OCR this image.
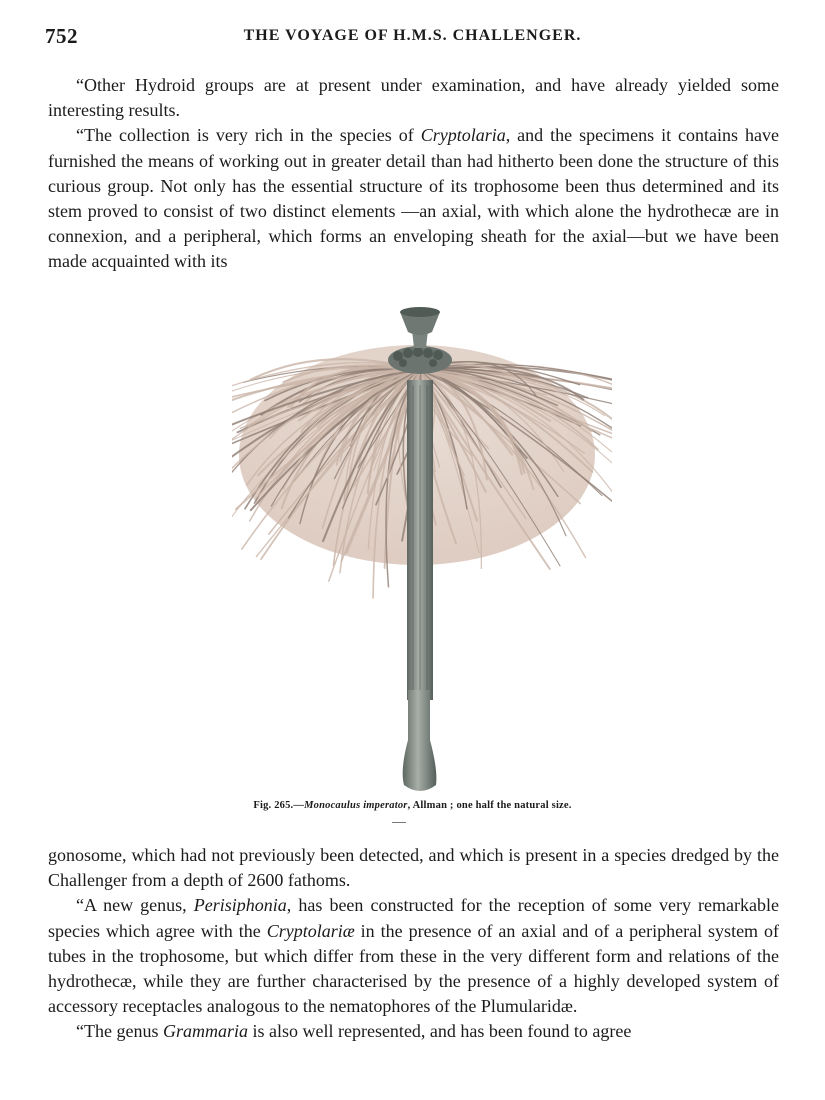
752	THE VOYAGE OF H.M.S. CHALLENGER.

“Other Hydroid groups are at present under examination, and have already yielded some interesting results.

“The collection is very rich in the species of Cryptolaria, and the specimens it contains have furnished the means of working out in greater detail than had hitherto been done the structure of this curious group. Not only has the essential structure of its trophosome been thus determined and its stem proved to consist of two distinct elements —an axial, with which alone the hydrothecæ are in connexion, and a peripheral, which forms an enveloping sheath for the axial—but we have been made acquainted with its

Fig. 265.—Monocaulus imperator, Allman ; one half the natural size.

gonosome, which had not previously been detected, and which is present in a species dredged by the Challenger from a depth of 2600 fathoms.

“A new genus, Perisiphonia, has been constructed for the reception of some very remarkable species which agree with the Cryptolariæ in the presence of an axial and of a peripheral system of tubes in the trophosome, but which differ from these in the very different form and relations of the hydrothecæ, while they are further characterised by the presence of a highly developed system of accessory receptacles analogous to the nematophores of the Plumularidæ.

“The genus Grammaria is also well represented, and has been found to agree
